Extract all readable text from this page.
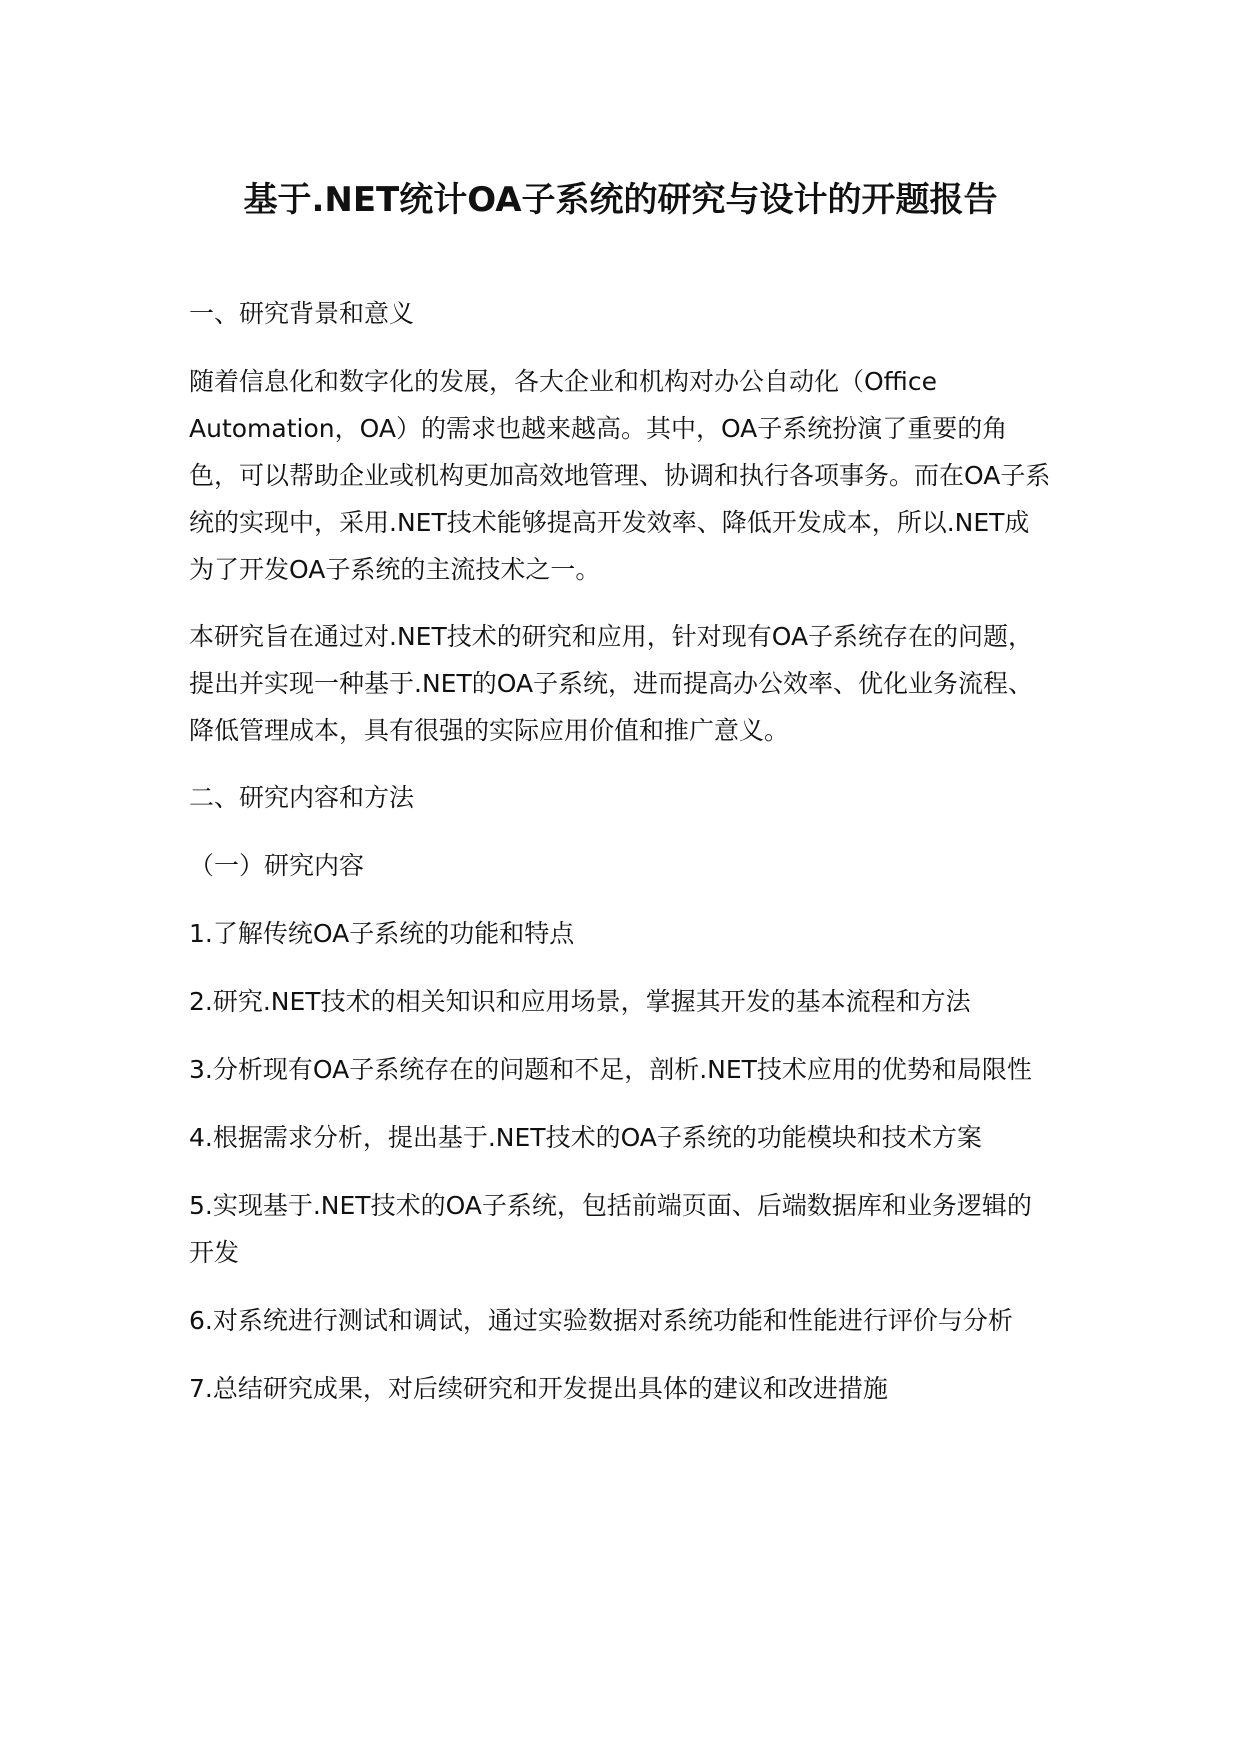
基于.NET统计OA子系统的研究与设计的开题报告

一、研究背景和意义

随着信息化和数字化的发展，各大企业和机构对办公自动化（Office Automation，OA）的需求也越来越高。其中，OA子系统扮演了重要的角色，可以帮助企业或机构更加高效地管理、协调和执行各项事务。而在OA子系统的实现中，采用.NET技术能够提高开发效率、降低开发成本，所以.NET成为了开发OA子系统的主流技术之一。

本研究旨在通过对.NET技术的研究和应用，针对现有OA子系统存在的问题，提出并实现一种基于.NET的OA子系统，进而提高办公效率、优化业务流程、降低管理成本，具有很强的实际应用价值和推广意义。

二、研究内容和方法

（一）研究内容

1.了解传统OA子系统的功能和特点

2.研究.NET技术的相关知识和应用场景，掌握其开发的基本流程和方法

3.分析现有OA子系统存在的问题和不足，剖析.NET技术应用的优势和局限性

4.根据需求分析，提出基于.NET技术的OA子系统的功能模块和技术方案

5.实现基于.NET技术的OA子系统，包括前端页面、后端数据库和业务逻辑的开发

6.对系统进行测试和调试，通过实验数据对系统功能和性能进行评价与分析

7.总结研究成果，对后续研究和开发提出具体的建议和改进措施
